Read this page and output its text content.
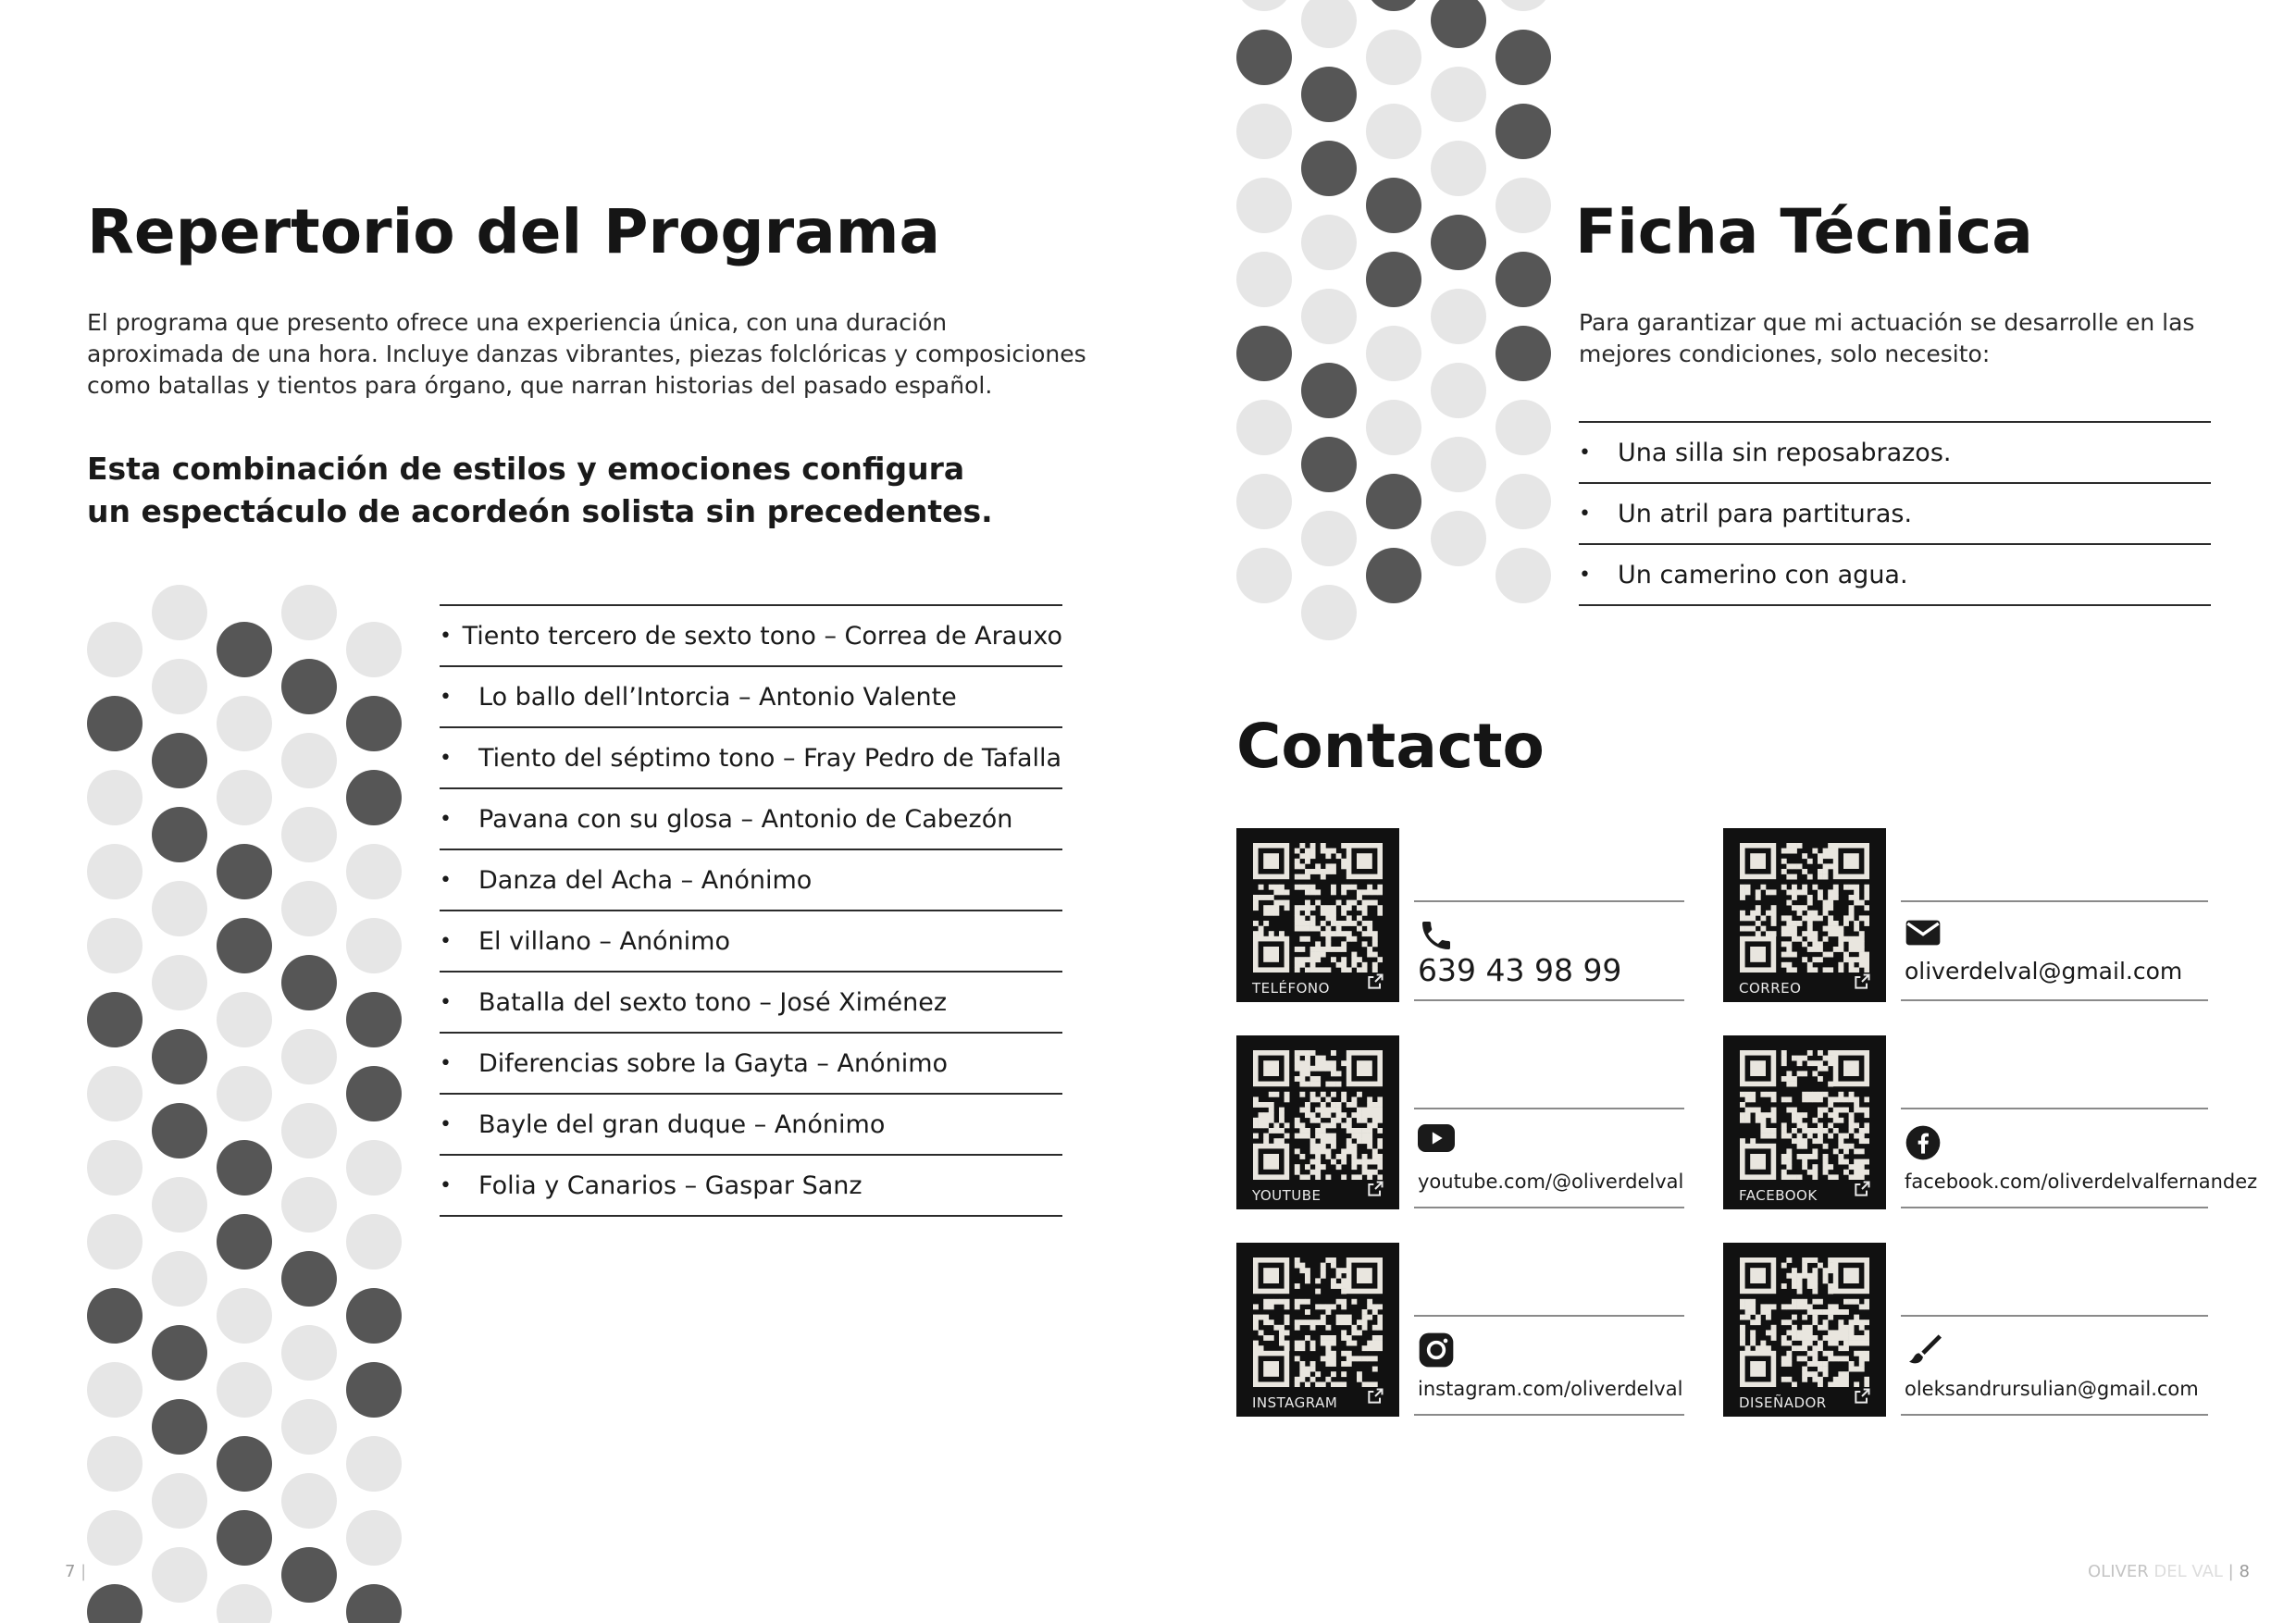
Repertorio del Programa

El programa que presento ofrece una experiencia única, con una duración aproximada de una hora. Incluye danzas vibrantes, piezas folclóricas y composiciones como batallas y tientos para órgano, que narran historias del pasado español.

Esta combinación de estilos y emociones configura un espectáculo de acordeón solista sin precedentes.

• Tiento tercero de sexto tono – Correa de Arauxo
•	Lo ballo dell’Intorcia – Antonio Valente
•	Tiento del séptimo tono – Fray Pedro de Tafalla
•	Pavana con su glosa – Antonio de Cabezón
•	Danza del Acha – Anónimo
•	El villano – Anónimo
•	Batalla del sexto tono – José Ximénez
•	Diferencias sobre la Gayta – Anónimo
•	Bayle del gran duque – Anónimo
•	Folia y Canarios – Gaspar Sanz
7 |
Ficha Técnica

Para garantizar que mi actuación se desarrolle en las mejores condiciones, solo necesito:

•	Una silla sin reposabrazos.
•	Un atril para partituras.
•	Un camerino con agua.
Contacto
TELÉFONO	639 43 98 99	CORREO
oliverdelval@gmail.com
YOUTUBE
youtube.com/@oliverdelval
FACEBOOK
facebook.com/oliverdelvalfernandez
INSTAGRAM
instagram.com/oliverdelval
DISEÑADOR
oleksandrursulian@gmail.com
OLIVER DEL VAL | 8
